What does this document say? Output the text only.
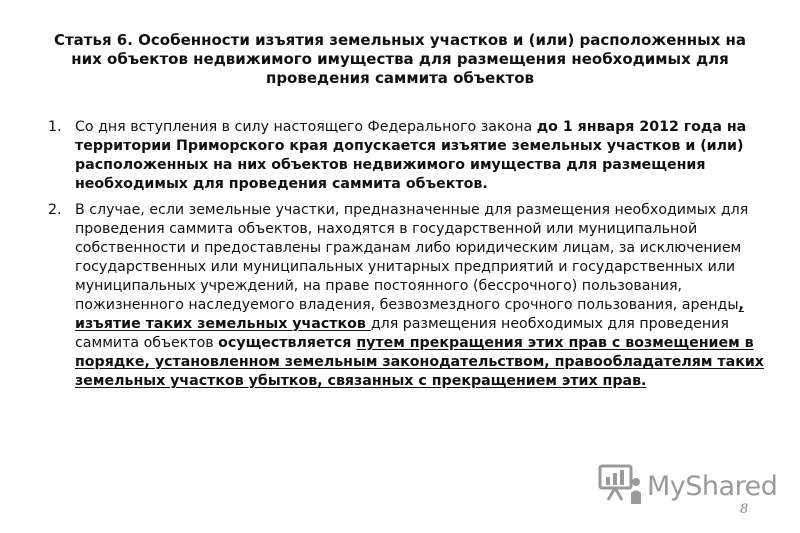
Статья 6. Особенности изъятия земельных участков и (или) расположенных на них объектов недвижимого имущества для размещения необходимых для проведения саммита объектов
1. Со дня вступления в силу настоящего Федерального закона до 1 января 2012 года на территории Приморского края допускается изъятие земельных участков и (или) расположенных на них объектов недвижимого имущества для размещения необходимых для проведения саммита объектов.
2. В случае, если земельные участки, предназначенные для размещения необходимых для проведения саммита объектов, находятся в государственной или муниципальной собственности и предоставлены гражданам либо юридическим лицам, за исключением государственных или муниципальных унитарных предприятий и государственных или муниципальных учреждений, на праве постоянного (бессрочного) пользования, пожизненного наследуемого владения, безвозмездного срочного пользования, аренды, изъятие таких земельных участков для размещения необходимых для проведения саммита объектов осуществляется путем прекращения этих прав с возмещением в порядке, установленном земельным законодательством, правообладателям таких земельных участков убытков, связанных с прекращением этих прав.
MyShared
8
